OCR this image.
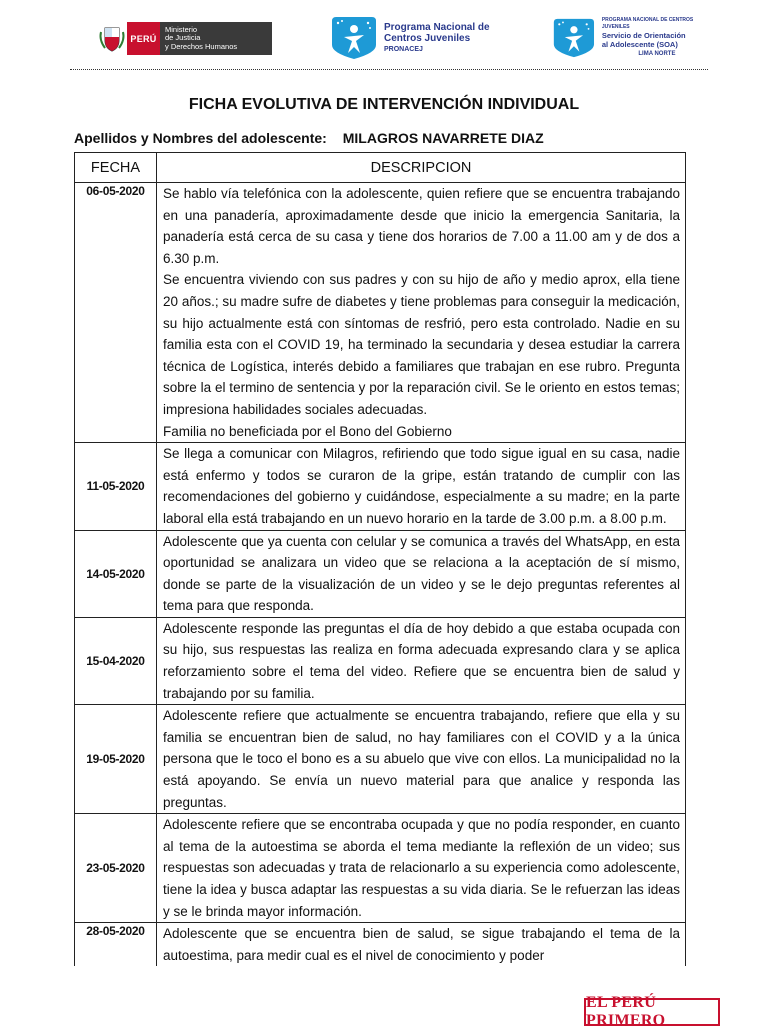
PERÚ
Ministerio
de Justicia
y Derechos Humanos
Programa Nacional de
Centros Juveniles
PRONACEJ
PROGRAMA NACIONAL DE CENTROS JUVENILES
Servicio de Orientación
al Adolescente (SOA)
LIMA NORTE
FICHA EVOLUTIVA DE INTERVENCIÓN INDIVIDUAL
Apellidos y Nombres del adolescente: MILAGROS NAVARRETE DIAZ
FECHA	DESCRIPCION
06-05-2020	Se hablo vía telefónica con la adolescente, quien refiere que se encuentra trabajando en una panadería, aproximadamente desde que inicio la emergencia Sanitaria, la panadería está cerca de su casa y tiene dos horarios de 7.00 a 11.00 am y de dos a 6.30 p.m.
Se encuentra viviendo con sus padres y con su hijo de año y medio aprox, ella tiene 20 años.; su madre sufre de diabetes y tiene problemas para conseguir la medicación, su hijo actualmente está con síntomas de resfrió, pero esta controlado. Nadie en su familia esta con el COVID 19, ha terminado la secundaria y desea estudiar la carrera técnica de Logística, interés debido a familiares que trabajan en ese rubro. Pregunta sobre la el termino de sentencia y por la reparación civil. Se le oriento en estos temas; impresiona habilidades sociales adecuadas.
Familia no beneficiada por el Bono del Gobierno

11-05-2020	Se llega a comunicar con Milagros, refiriendo que todo sigue igual en su casa, nadie está enfermo y todos se curaron de la gripe, están tratando de cumplir con las recomendaciones del gobierno y cuidándose, especialmente a su madre; en la parte laboral ella está trabajando en un nuevo horario en la tarde de 3.00 p.m. a 8.00 p.m.

14-05-2020	Adolescente que ya cuenta con celular y se comunica a través del WhatsApp, en esta oportunidad se analizara un video que se relaciona a la aceptación de sí mismo, donde se parte de la visualización de un video y se le dejo preguntas referentes al tema para que responda.

15-04-2020	Adolescente responde las preguntas el día de hoy debido a que estaba ocupada con su hijo, sus respuestas las realiza en forma adecuada expresando clara y se aplica reforzamiento sobre el tema del video. Refiere que se encuentra bien de salud y trabajando por su familia.

19-05-2020	Adolescente refiere que actualmente se encuentra trabajando, refiere que ella y su familia se encuentran bien de salud, no hay familiares con el COVID y a la única persona que le toco el bono es a su abuelo que vive con ellos. La municipalidad no la está apoyando. Se envía un nuevo material para que analice y responda las preguntas.

23-05-2020	Adolescente refiere que se encontraba ocupada y que no podía responder, en cuanto al tema de la autoestima se aborda el tema mediante la reflexión de un video; sus respuestas son adecuadas y trata de relacionarlo a su experiencia como adolescente, tiene la idea y busca adaptar las respuestas a su vida diaria. Se le refuerzan las ideas y se le brinda mayor información.

28-05-2020	Adolescente que se encuentra bien de salud, se sigue trabajando el tema de la autoestima, para medir cual es el nivel de conocimiento y poder
EL PERÚ PRIMERO
